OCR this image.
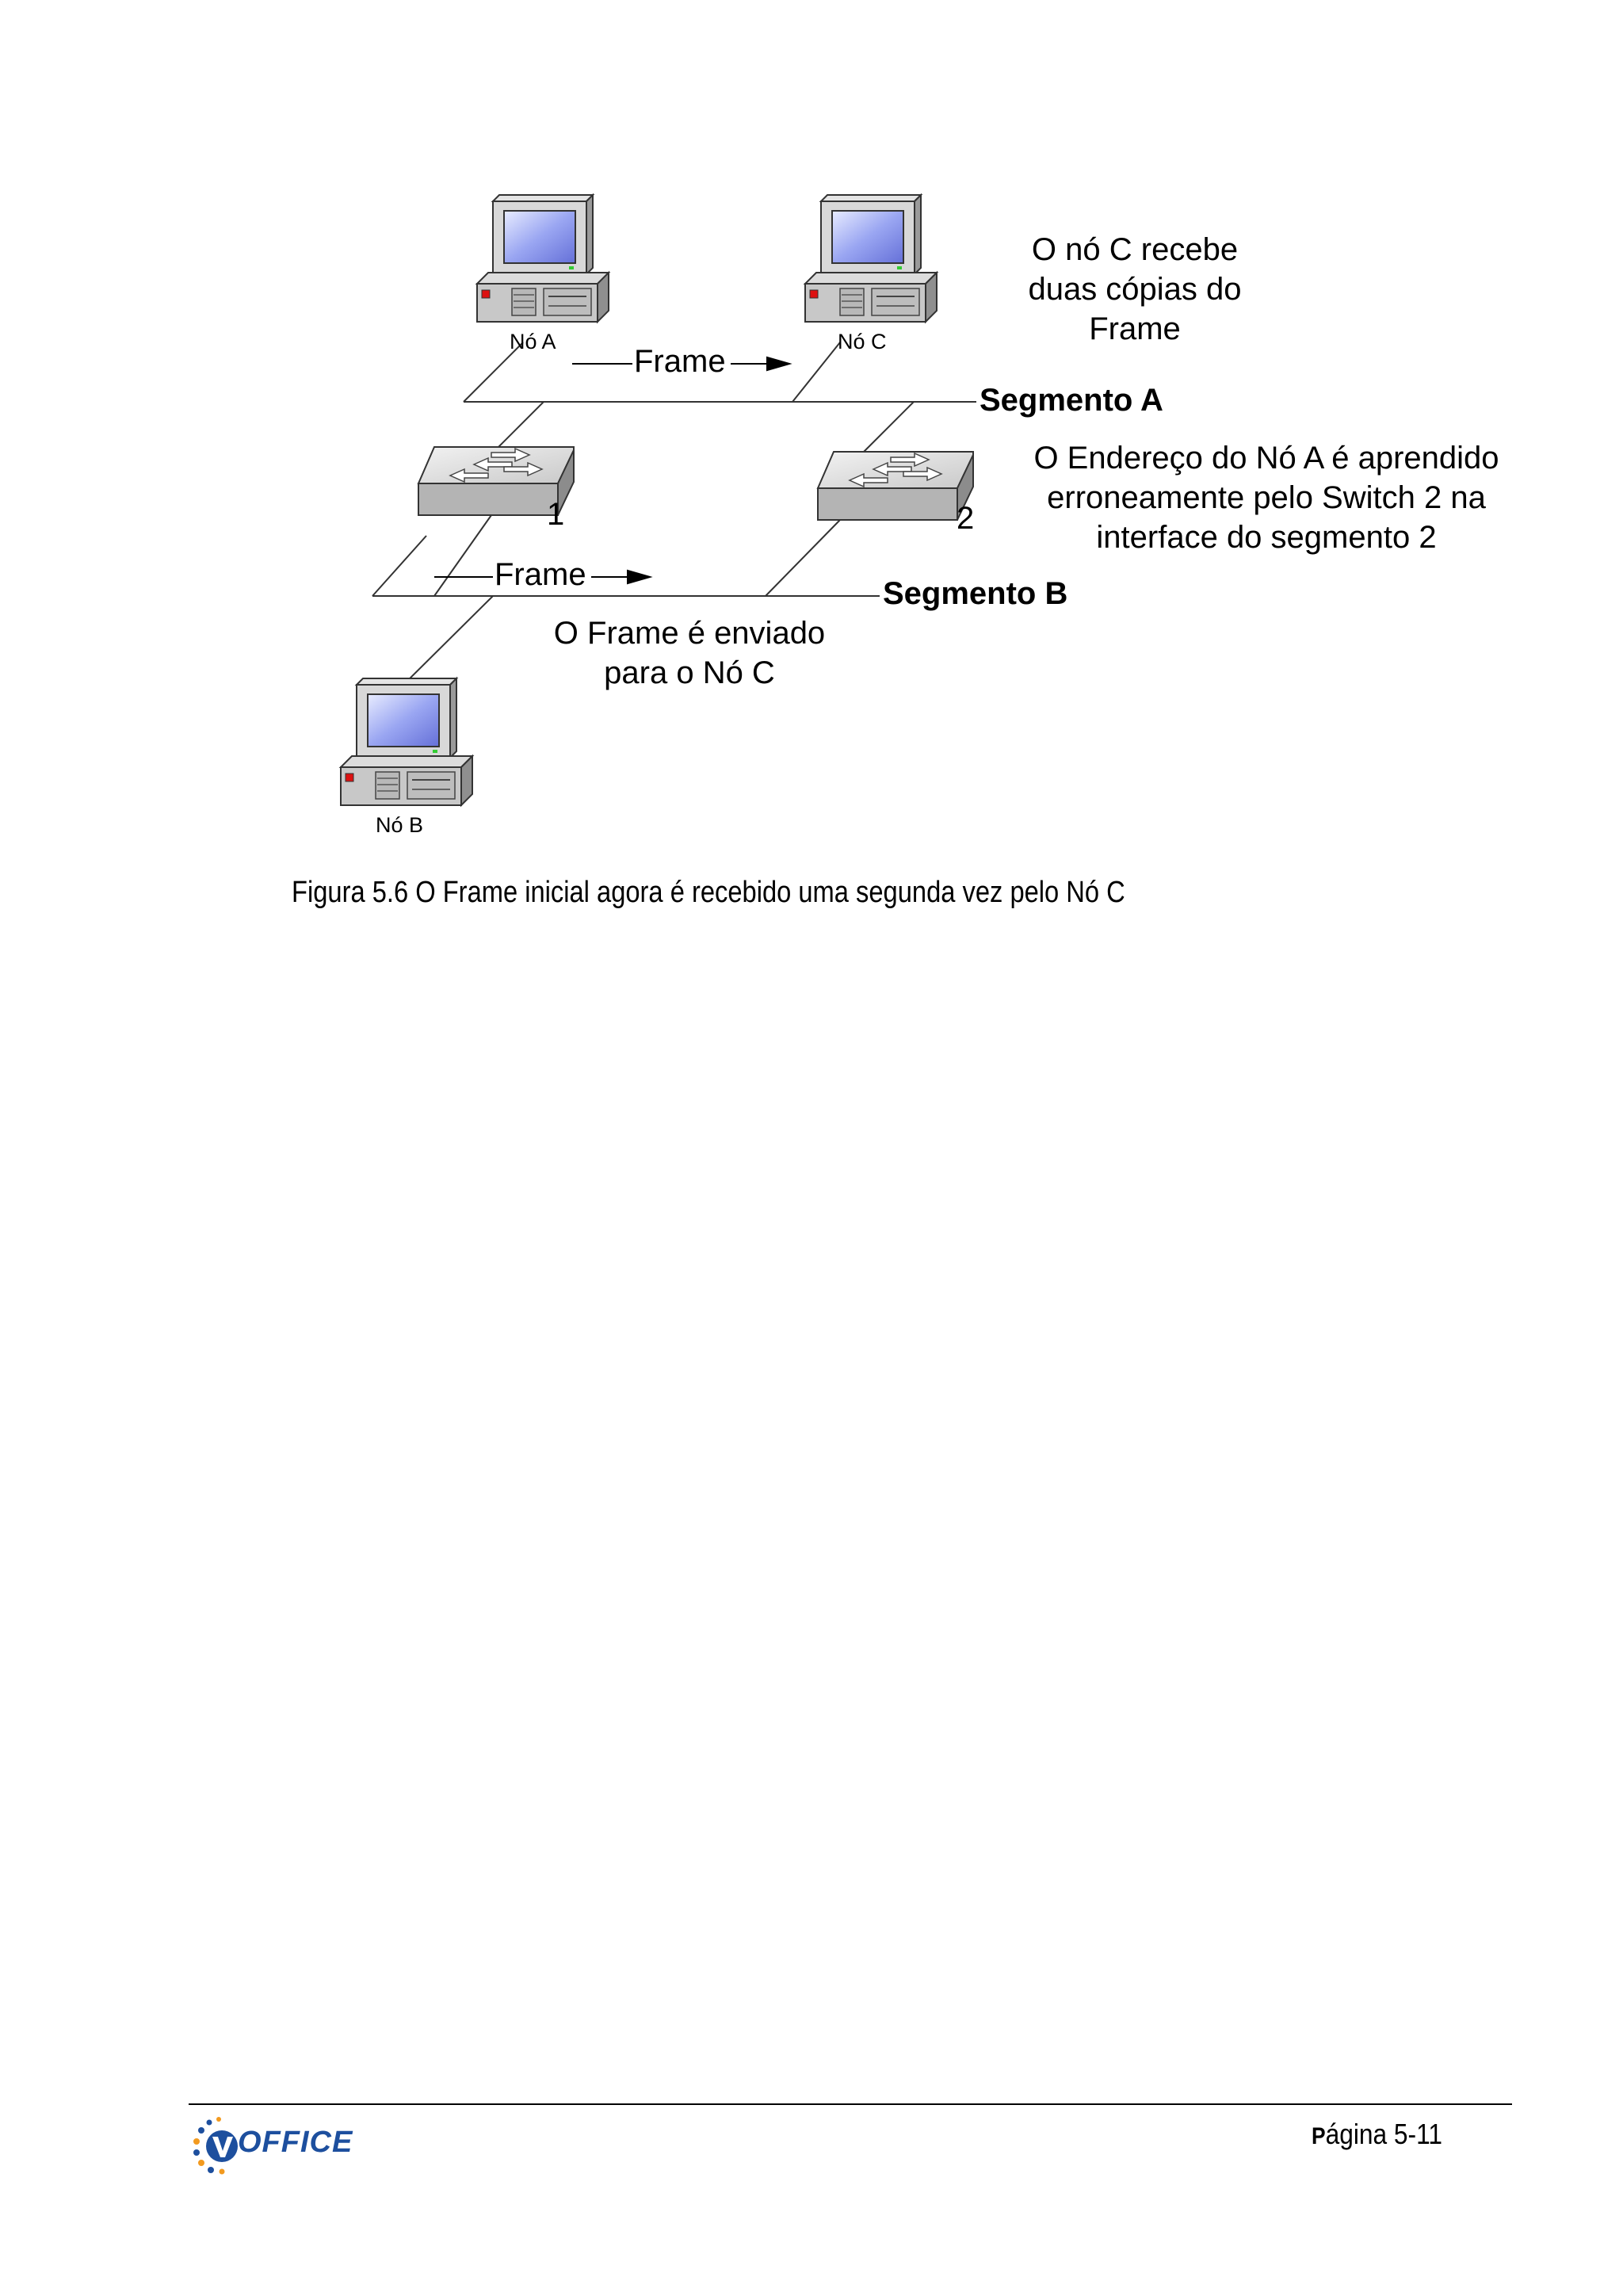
Nó A	Nó C
Nó B
Frame
Frame
Segmento A
Segmento B
1	2
O nó C recebe
duas cópias do
Frame
O Endereço do Nó A é aprendido
erroneamente pelo Switch 2 na
interface do segmento 2
O Frame é enviado
para o Nó C
Figura 5.6 O Frame inicial agora é recebido uma segunda vez pelo Nó C
OFFICE	Página 5-11
